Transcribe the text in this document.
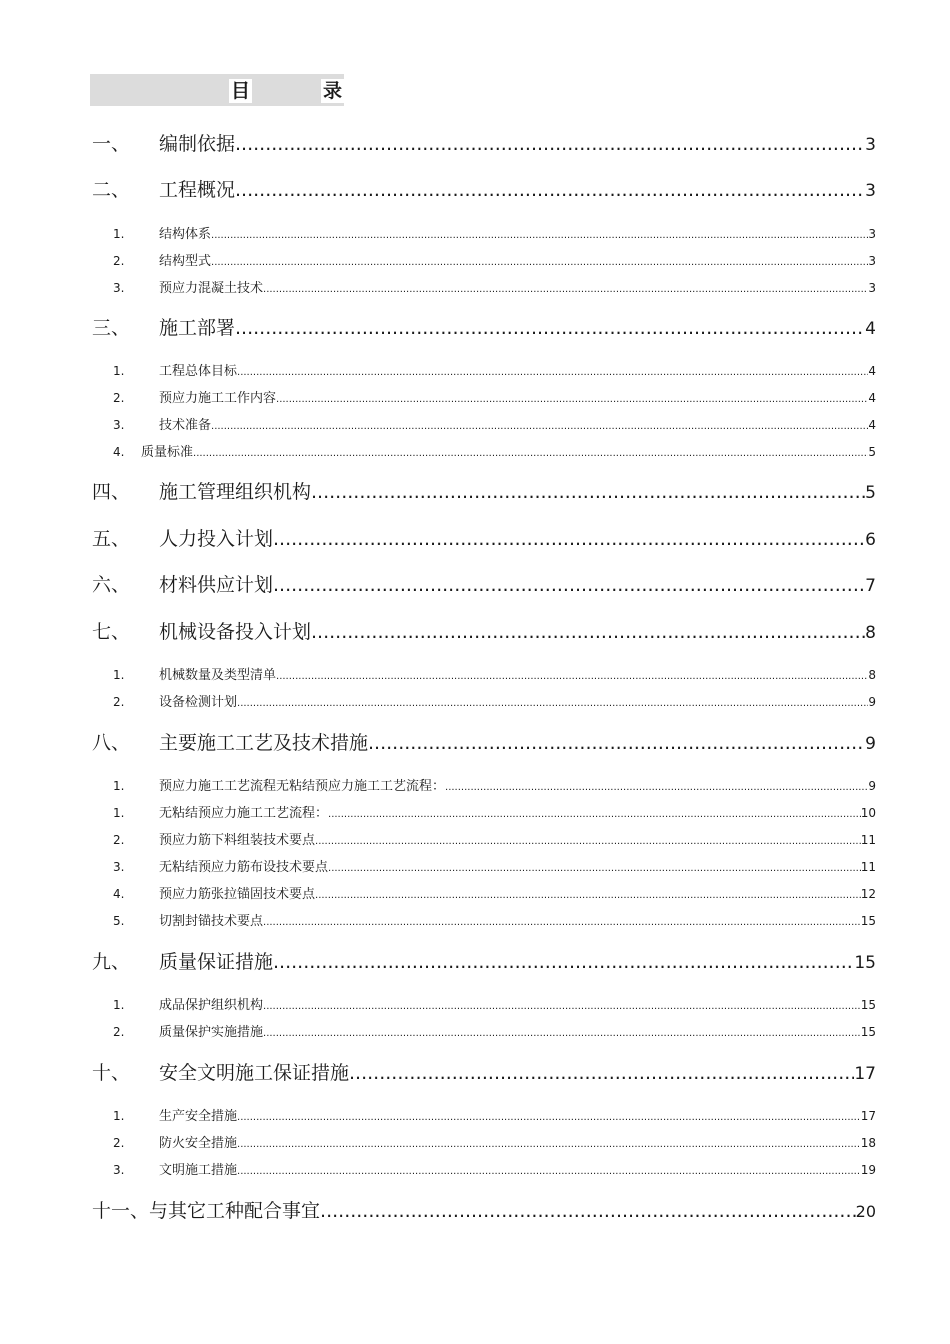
目	录
一、	编制依据 .....	3
二、	工程概况 .....	3
1.	结构体系 .....	3
2.	结构型式 .....	3
3.	预应力混凝土技术 .....	3
三、	施工部署 .....	4
1.	工程总体目标 .....	4
2.	预应力施工工作内容 .....	4
3.	技术准备 .....	4
4.	质量标准 .....	5
四、	施工管理组织机构 .....	5
五、	人力投入计划 .....	6
六、	材料供应计划 .....	7
七、	机械设备投入计划 .....	8
1.	机械数量及类型清单 .....	8
2.	设备检测计划 .....	9
八、	主要施工工艺及技术措施 .....	9
1.	预应力施工工艺流程无粘结预应力施工工艺流程： .....	9
1.	无粘结预应力施工工艺流程： .....	10
2.	预应力筋下料组装技术要点 .....	11
3.	无粘结预应力筋布设技术要点 .....	11
4.	预应力筋张拉锚固技术要点 .....	12
5.	切割封锚技术要点 .....	15
九、	质量保证措施 .....	15
1.	成品保护组织机构 .....	15
2.	质量保护实施措施 .....	15
十、	安全文明施工保证措施 .....	17
1.	生产安全措施 .....	17
2.	防火安全措施 .....	18
3.	文明施工措施 .....	19
十一、 与其它工种配合事宜 .....	20
